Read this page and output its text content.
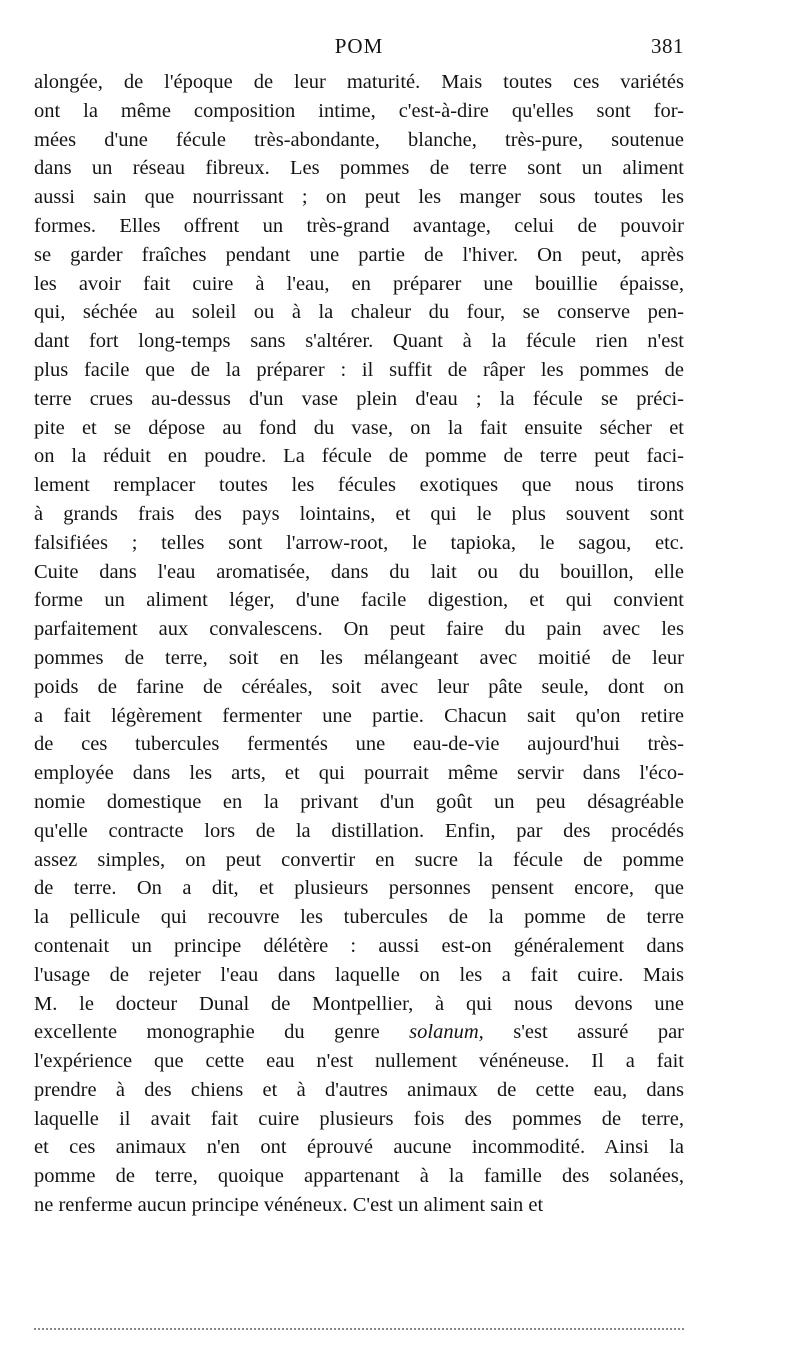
POM	381
alongée, de l'époque de leur maturité. Mais toutes ces variétés
ont la même composition intime, c'est-à-dire qu'elles sont for-
mées d'une fécule très-abondante, blanche, très-pure, soutenue
dans un réseau fibreux. Les pommes de terre sont un aliment
aussi sain que nourrissant ; on peut les manger sous toutes les
formes. Elles offrent un très-grand avantage, celui de pouvoir
se garder fraîches pendant une partie de l'hiver. On peut, après
les avoir fait cuire à l'eau, en préparer une bouillie épaisse,
qui, séchée au soleil ou à la chaleur du four, se conserve pen-
dant fort long-temps sans s'altérer. Quant à la fécule rien n'est
plus facile que de la préparer : il suffit de râper les pommes de
terre crues au-dessus d'un vase plein d'eau ; la fécule se préci-
pite et se dépose au fond du vase, on la fait ensuite sécher et
on la réduit en poudre. La fécule de pomme de terre peut faci-
lement remplacer toutes les fécules exotiques que nous tirons
à grands frais des pays lointains, et qui le plus souvent sont
falsifiées ; telles sont l'arrow-root, le tapioka, le sagou, etc.
Cuite dans l'eau aromatisée, dans du lait ou du bouillon, elle
forme un aliment léger, d'une facile digestion, et qui convient
parfaitement aux convalescens. On peut faire du pain avec les
pommes de terre, soit en les mélangeant avec moitié de leur
poids de farine de céréales, soit avec leur pâte seule, dont on
a fait légèrement fermenter une partie. Chacun sait qu'on retire
de ces tubercules fermentés une eau-de-vie aujourd'hui très-
employée dans les arts, et qui pourrait même servir dans l'éco-
nomie domestique en la privant d'un goût un peu désagréable
qu'elle contracte lors de la distillation. Enfin, par des procédés
assez simples, on peut convertir en sucre la fécule de pomme
de terre. On a dit, et plusieurs personnes pensent encore, que
la pellicule qui recouvre les tubercules de la pomme de terre
contenait un principe délétère : aussi est-on généralement dans
l'usage de rejeter l'eau dans laquelle on les a fait cuire. Mais
M. le docteur Dunal de Montpellier, à qui nous devons une
excellente monographie du genre solanum, s'est assuré par
l'expérience que cette eau n'est nullement vénéneuse. Il a fait
prendre à des chiens et à d'autres animaux de cette eau, dans
laquelle il avait fait cuire plusieurs fois des pommes de terre,
et ces animaux n'en ont éprouvé aucune incommodité. Ainsi la
pomme de terre, quoique appartenant à la famille des solanées,
ne renferme aucun principe vénéneux. C'est un aliment sain et
